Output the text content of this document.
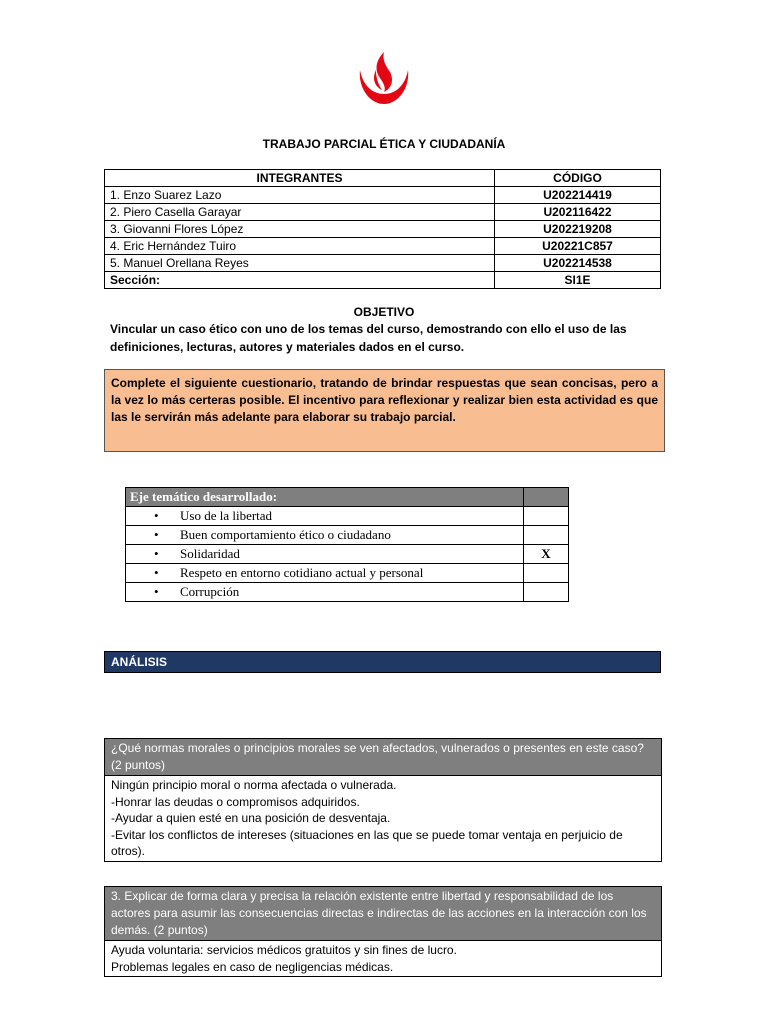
TRABAJO PARCIAL ÉTICA Y CIUDADANÍA
INTEGRANTES	CÓDIGO
1. Enzo Suarez Lazo	U202214419
2. Piero Casella Garayar	U202116422
3. Giovanni Flores López	U202219208
4. Eric Hernández Tuiro	U20221C857
5. Manuel Orellana Reyes	U202214538
Sección:	SI1E
OBJETIVO
Vincular un caso ético con uno de los temas del curso, demostrando con ello el uso de las definiciones, lecturas, autores y materiales dados en el curso.
Complete el siguiente cuestionario, tratando de brindar respuestas que sean concisas, pero a la vez lo más certeras posible. El incentivo para reflexionar y realizar bien esta actividad es que las le servirán más adelante para elaborar su trabajo parcial.
Eje temático desarrollado:	
• Uso de la libertad	
• Buen comportamiento ético o ciudadano	
• Solidaridad	X
• Respeto en entorno cotidiano actual y personal	
• Corrupción	
ANÁLISIS
¿Qué normas morales o principios morales se ven afectados, vulnerados o presentes en este caso? (2 puntos)
Ningún principio moral o norma afectada o vulnerada.
-Honrar las deudas o compromisos adquiridos.
-Ayudar a quien esté en una posición de desventaja.
-Evitar los conflictos de intereses (situaciones en las que se puede tomar ventaja en perjuicio de otros).
3. Explicar de forma clara y precisa la relación existente entre libertad y responsabilidad de los actores para asumir las consecuencias directas e indirectas de las acciones en la interacción con los demás. (2 puntos)
Ayuda voluntaria: servicios médicos gratuitos y sin fines de lucro.
Problemas legales en caso de negligencias médicas.
